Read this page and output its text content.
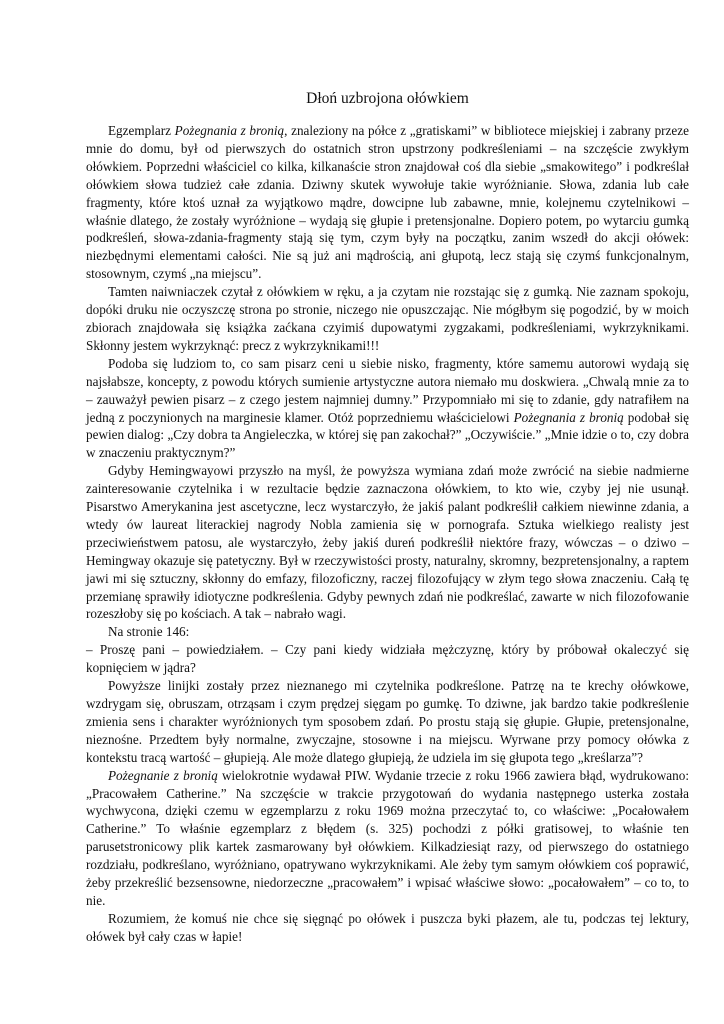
Dłoń uzbrojona ołówkiem

Egzemplarz Pożegnania z bronią, znaleziony na półce z „gratiskami” w bibliotece miejskiej i zabrany przeze mnie do domu, był od pierwszych do ostatnich stron upstrzony podkreśleniami – na szczęście zwykłym ołówkiem. Poprzedni właściciel co kilka, kilkanaście stron znajdował coś dla siebie „smakowitego” i podkreślał ołówkiem słowa tudzież całe zdania. Dziwny skutek wywołuje takie wyróżnianie. Słowa, zdania lub całe fragmenty, które ktoś uznał za wyjątkowo mądre, dowcipne lub zabawne, mnie, kolejnemu czytelnikowi – właśnie dlatego, że zostały wyróżnione – wydają się głupie i pretensjonalne. Dopiero potem, po wytarciu gumką podkreśleń, słowa-zdania-fragmenty stają się tym, czym były na początku, zanim wszedł do akcji ołówek: niezbędnymi elementami całości. Nie są już ani mądrością, ani głupotą, lecz stają się czymś funkcjonalnym, stosownym, czymś „na miejscu”.

Tamten naiwniaczek czytał z ołówkiem w ręku, a ja czytam nie rozstając się z gumką. Nie zaznam spokoju, dopóki druku nie oczyszczę strona po stronie, niczego nie opuszczając. Nie mógłbym się pogodzić, by w moich zbiorach znajdowała się książka zaćkana czyimiś dupowatymi zygzakami, podkreśleniami, wykrzyknikami. Skłonny jestem wykrzyknąć: precz z wykrzyknikami!!!

Podoba się ludziom to, co sam pisarz ceni u siebie nisko, fragmenty, które samemu autorowi wydają się najsłabsze, koncepty, z powodu których sumienie artystyczne autora niemało mu doskwiera. „Chwalą mnie za to – zauważył pewien pisarz – z czego jestem najmniej dumny.” Przypomniało mi się to zdanie, gdy natrafiłem na jedną z poczynionych na marginesie klamer. Otóż poprzedniemu właścicielowi Pożegnania z bronią podobał się pewien dialog: „Czy dobra ta Angieleczka, w której się pan zakochał?” „Oczywiście.” „Mnie idzie o to, czy dobra w znaczeniu praktycznym?”

Gdyby Hemingwayowi przyszło na myśl, że powyższa wymiana zdań może zwrócić na siebie nadmierne zainteresowanie czytelnika i w rezultacie będzie zaznaczona ołówkiem, to kto wie, czyby jej nie usunął. Pisarstwo Amerykanina jest ascetyczne, lecz wystarczyło, że jakiś palant podkreślił całkiem niewinne zdania, a wtedy ów laureat literackiej nagrody Nobla zamienia się w pornografa. Sztuka wielkiego realisty jest przeciwieństwem patosu, ale wystarczyło, żeby jakiś dureń podkreślił niektóre frazy, wówczas – o dziwo – Hemingway okazuje się patetyczny. Był w rzeczywistości prosty, naturalny, skromny, bezpretensjonalny, a raptem jawi mi się sztuczny, skłonny do emfazy, filozoficzny, raczej filozofujący w złym tego słowa znaczeniu. Całą tę przemianę sprawiły idiotyczne podkreślenia. Gdyby pewnych zdań nie podkreślać, zawarte w nich filozofowanie rozeszłoby się po kościach. A tak – nabrało wagi.

Na stronie 146:

– Proszę pani – powiedziałem. – Czy pani kiedy widziała mężczyznę, który by próbował okaleczyć się kopnięciem w jądra?

Powyższe linijki zostały przez nieznanego mi czytelnika podkreślone. Patrzę na te krechy ołówkowe, wzdrygam się, obruszam, otrząsam i czym prędzej sięgam po gumkę. To dziwne, jak bardzo takie podkreślenie zmienia sens i charakter wyróżnionych tym sposobem zdań. Po prostu stają się głupie. Głupie, pretensjonalne, nieznośne. Przedtem były normalne, zwyczajne, stosowne i na miejscu. Wyrwane przy pomocy ołówka z kontekstu tracą wartość – głupieją. Ale może dlatego głupieją, że udziela im się głupota tego „kreślarza”?

Pożegnanie z bronią wielokrotnie wydawał PIW. Wydanie trzecie z roku 1966 zawiera błąd, wydrukowano: „Pracowałem Catherine.” Na szczęście w trakcie przygotowań do wydania następnego usterka została wychwycona, dzięki czemu w egzemplarzu z roku 1969 można przeczytać to, co właściwe: „Pocałowałem Catherine.” To właśnie egzemplarz z błędem (s. 325) pochodzi z półki gratisowej, to właśnie ten parusetstronicowy plik kartek zasmarowany był ołówkiem. Kilkadziesiąt razy, od pierwszego do ostatniego rozdziału, podkreślano, wyróżniano, opatrywano wykrzyknikami. Ale żeby tym samym ołówkiem coś poprawić, żeby przekreślić bezsensowne, niedorzeczne „pracowałem” i wpisać właściwe słowo: „pocałowałem” – co to, to nie.

Rozumiem, że komuś nie chce się sięgnąć po ołówek i puszcza byki płazem, ale tu, podczas tej lektury, ołówek był cały czas w łapie!
